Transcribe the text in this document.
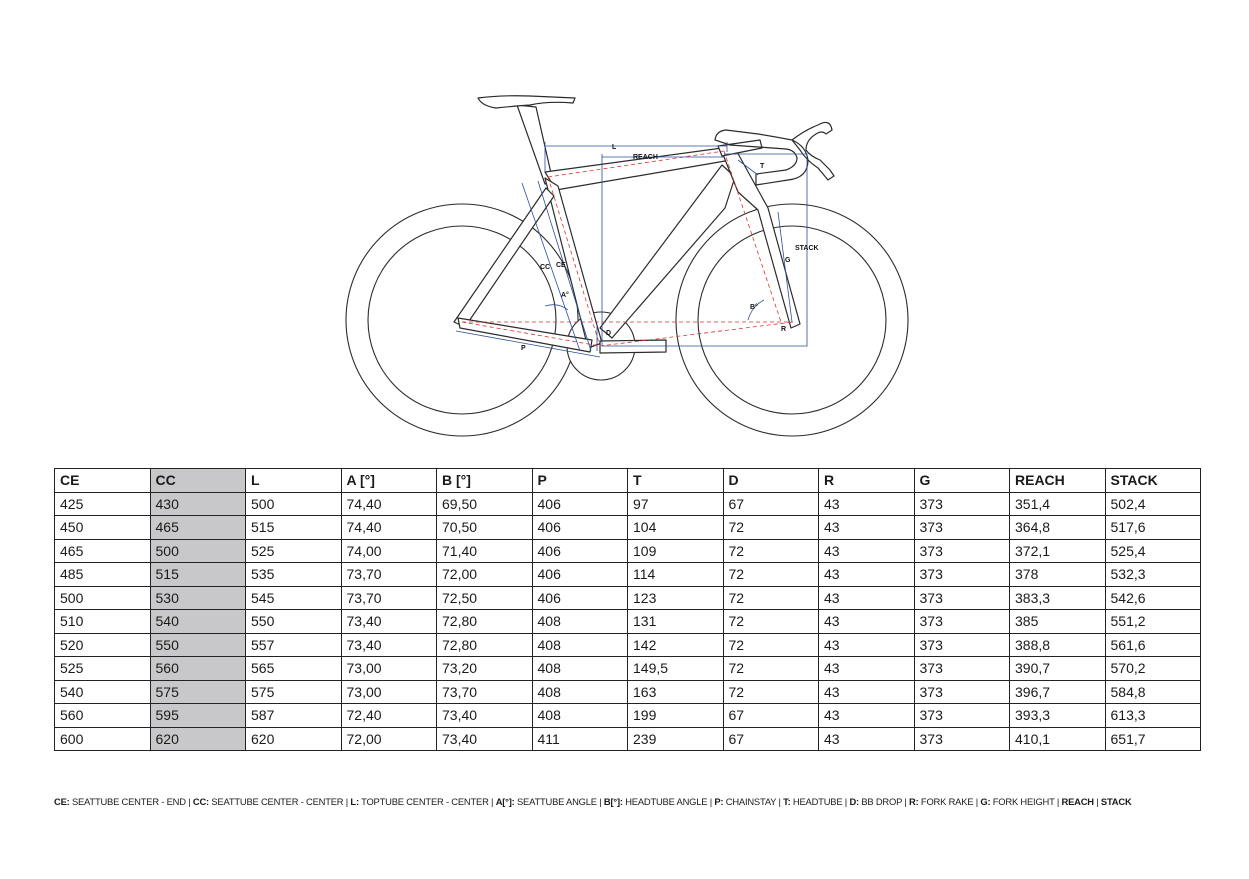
L
REACH
T
STACK
G
CC CE
A°
B°
D
R
P
CE	CC	L	A [°]	B [°]	P	T	D	R	G	REACH	STACK
425	430	500	74,40	69,50	406	97	67	43	373	351,4	502,4
450	465	515	74,40	70,50	406	104	72	43	373	364,8	517,6
465	500	525	74,00	71,40	406	109	72	43	373	372,1	525,4
485	515	535	73,70	72,00	406	114	72	43	373	378	532,3
500	530	545	73,70	72,50	406	123	72	43	373	383,3	542,6
510	540	550	73,40	72,80	408	131	72	43	373	385	551,2
520	550	557	73,40	72,80	408	142	72	43	373	388,8	561,6
525	560	565	73,00	73,20	408	149,5	72	43	373	390,7	570,2
540	575	575	73,00	73,70	408	163	72	43	373	396,7	584,8
560	595	587	72,40	73,40	408	199	67	43	373	393,3	613,3
600	620	620	72,00	73,40	411	239	67	43	373	410,1	651,7
CE: SEATTUBE CENTER - END | CC: SEATTUBE CENTER - CENTER | L: TOPTUBE CENTER - CENTER | A[°]: SEATTUBE ANGLE | B[°]: HEADTUBE ANGLE | P: CHAINSTAY | T: HEADTUBE | D: BB DROP | R: FORK RAKE | G: FORK HEIGHT | REACH | STACK
